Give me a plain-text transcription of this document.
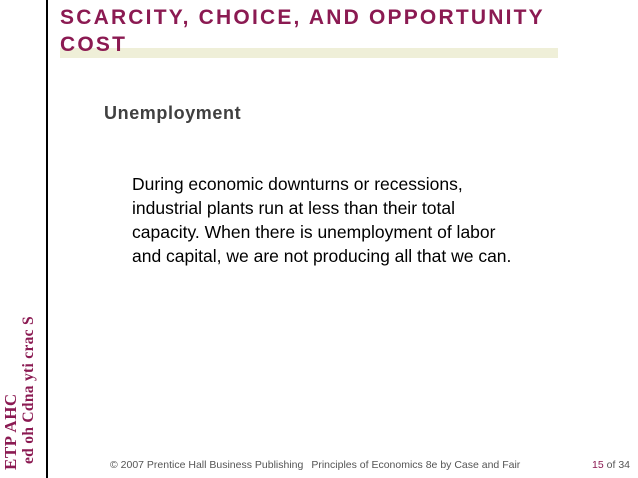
SCARCITY, CHOICE, AND OPPORTUNITY
COST
Unemployment

During economic downturns or recessions, industrial plants run at less than their total capacity. When there is unemployment of labor and capital, we are not producing all that we can.

ETP AHC ed oh Cdna yti crac S

© 2007 Prentice Hall Business Publishing Principles of Economics 8e by Case and Fair	15 of 34
